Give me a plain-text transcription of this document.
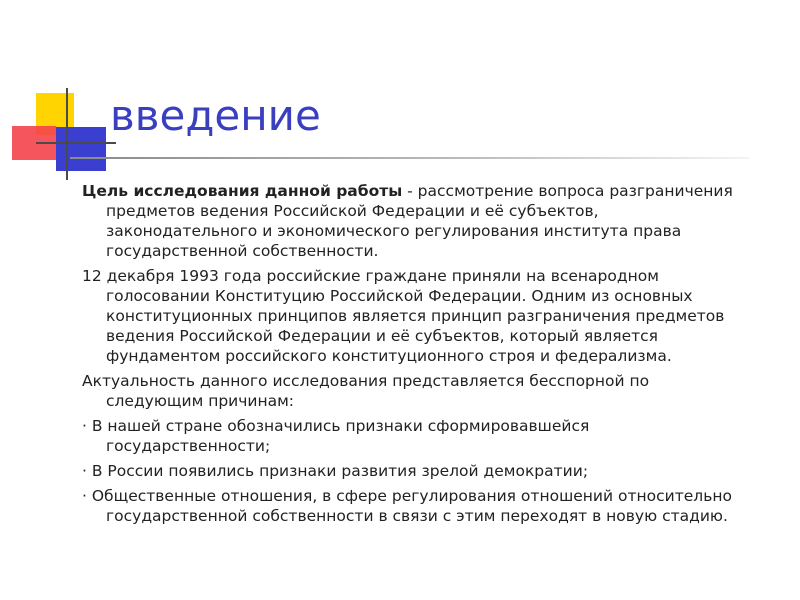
введение

Цель исследования данной работы - рассмотрение вопроса разграничения предметов ведения Российской Федерации и её субъектов, законодательного и экономического регулирования института права государственной собственности.

12 декабря 1993 года российские граждане приняли на всенародном голосовании Конституцию Российской Федерации. Одним из основных конституционных принципов является принцип разграничения предметов ведения Российской Федерации и её субъектов, который является фундаментом российского конституционного строя и федерализма.

Актуальность данного исследования представляется бесспорной по следующим причинам:

· В нашей стране обозначились признаки сформировавшейся государственности;

· В России появились признаки развития зрелой демократии;

· Общественные отношения, в сфере регулирования отношений относительно государственной собственности в связи с этим переходят в новую стадию.
